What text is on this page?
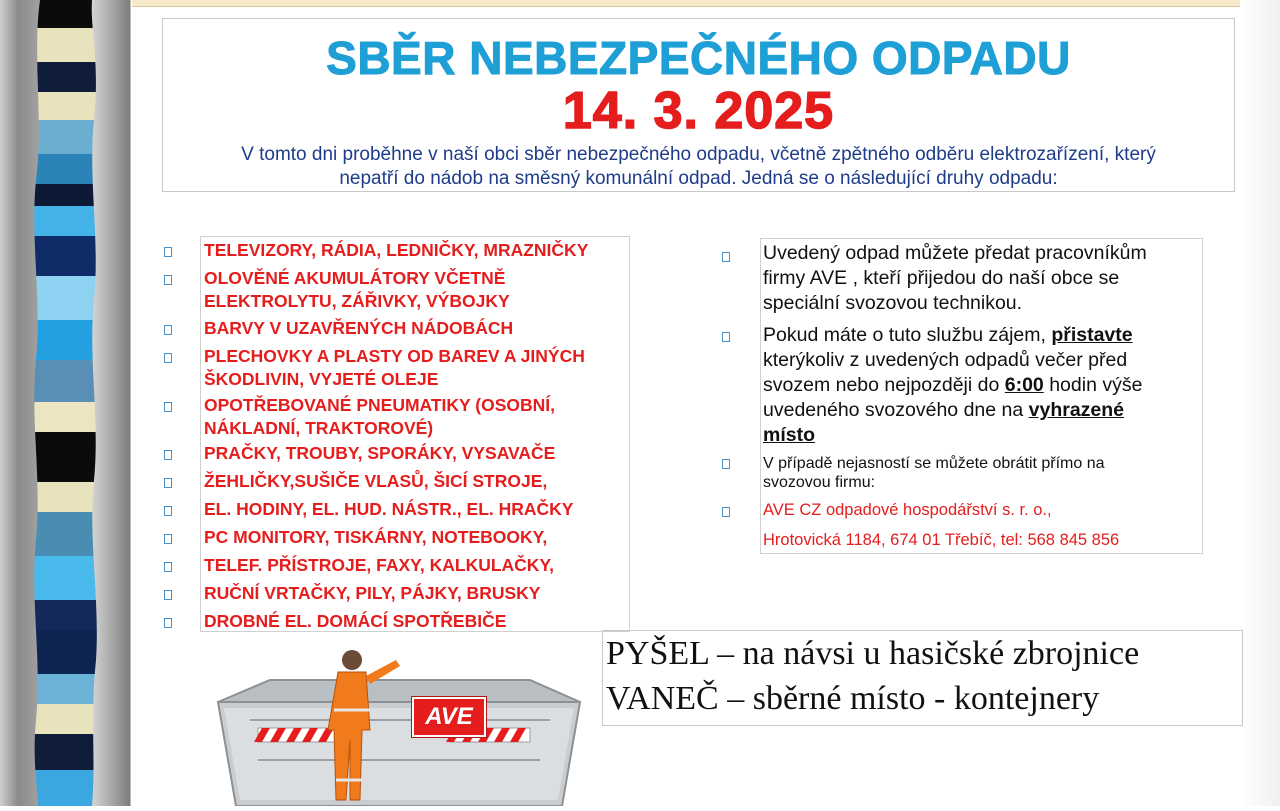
SBĚR NEBEZPEČNÉHO ODPADU
14. 3. 2025
V tomto dni proběhne v naší obci sběr nebezpečného odpadu, včetně zpětného odběru elektrozařízení, který
nepatří do nádob na směsný komunální odpad. Jedná se o následující druhy odpadu:
TELEVIZORY, RÁDIA, LEDNIČKY, MRAZNIČKY
OLOVĚNÉ AKUMULÁTORY VČETNĚ
ELEKTROLYTU, ZÁŘIVKY, VÝBOJKY
BARVY V UZAVŘENÝCH NÁDOBÁCH
PLECHOVKY A PLASTY OD BAREV A JINÝCH
ŠKODLIVIN, VYJETÉ OLEJE
OPOTŘEBOVANÉ PNEUMATIKY (OSOBNÍ,
NÁKLADNÍ, TRAKTOROVÉ)
PRAČKY, TROUBY, SPORÁKY, VYSAVAČE
ŽEHLIČKY,SUŠIČE VLASŮ, ŠICÍ STROJE,
EL. HODINY, EL. HUD. NÁSTR., EL. HRAČKY
PC MONITORY, TISKÁRNY, NOTEBOOKY,
TELEF. PŘÍSTROJE, FAXY, KALKULAČKY,
RUČNÍ VRTAČKY, PILY, PÁJKY, BRUSKY
DROBNÉ EL. DOMÁCÍ SPOTŘEBIČE
Uvedený odpad můžete předat pracovníkům
firmy AVE , kteří přijedou do naší obce se
speciální svozovou technikou.
Pokud máte o tuto službu zájem, přistavte
kterýkoliv z uvedených odpadů večer před
svozem nebo nejpozději do 6:00 hodin výše
uvedeného svozového dne na vyhrazené
místo
V případě nejasností se můžete obrátit přímo na
svozovou firmu:
AVE CZ odpadové hospodářství s. r. o.,
Hrotovická 1184, 674 01 Třebíč, tel: 568 845 856
PYŠEL – na návsi u hasičské zbrojnice
VANEČ – sběrné místo - kontejnery
AVE
